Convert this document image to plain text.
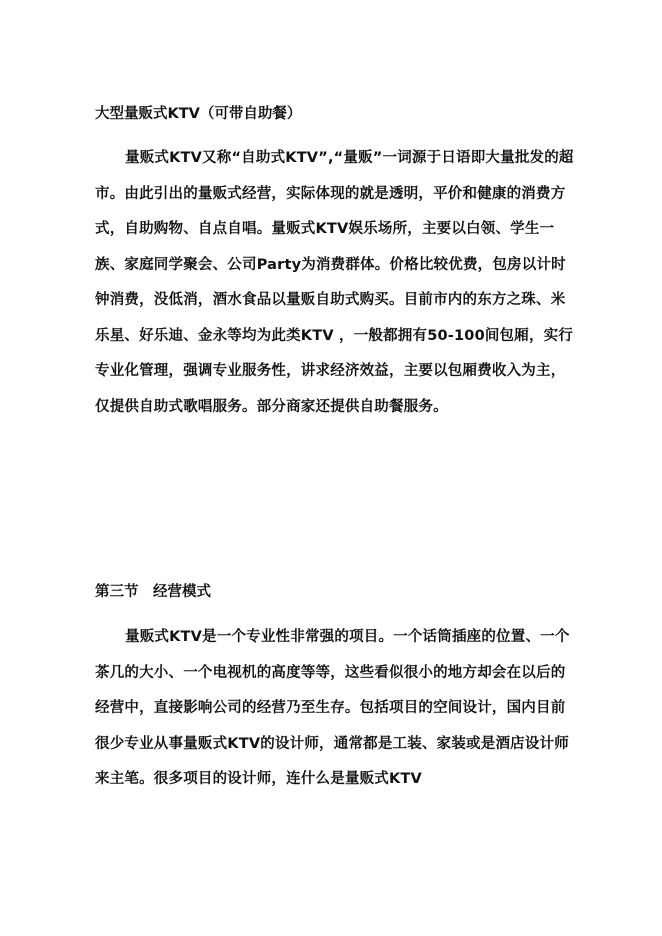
大型量贩式KTV（可带自助餐）

量贩式KTV又称“自助式KTV”,“量贩”一词源于日语即大量批发的超市。由此引出的量贩式经营，实际体现的就是透明，平价和健康的消费方式，自助购物、自点自唱。量贩式KTV娱乐场所，主要以白领、学生一族、家庭同学聚会、公司Party为消费群体。价格比较优费，包房以计时钟消费，没低消，酒水食品以量贩自助式购买。目前市内的东方之珠、米乐星、好乐迪、金永等均为此类KTV ，一般都拥有50-100间包厢，实行专业化管理，强调专业服务性，讲求经济效益，主要以包厢费收入为主，仅提供自助式歌唱服务。部分商家还提供自助餐服务。

第三节　经营模式

量贩式KTV是一个专业性非常强的项目。一个话筒插座的位置、一个茶几的大小、一个电视机的高度等等，这些看似很小的地方却会在以后的经营中，直接影响公司的经营乃至生存。包括项目的空间设计，国内目前很少专业从事量贩式KTV的设计师，通常都是工装、家装或是酒店设计师来主笔。很多项目的设计师，连什么是量贩式KTV
